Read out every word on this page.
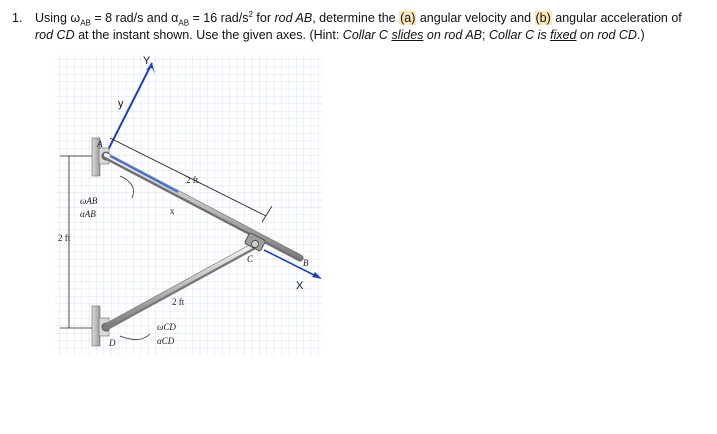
1. Using $\omega_{AB} = 8$ rad/s and $\alpha_{AB} = 16$ rad/$s^2$ for rod AB, determine the (a) angular velocity and (b) angular acceleration of
rod CD at the instant shown. Use the given axes. (Hint: Collar C slides on rod AB; Collar C is fixed on rod CD.)
Y
y
A
2 ft
ωAB
αAB	x
2 ft
C	B
X
2 ft
ωCD
αCD
D
